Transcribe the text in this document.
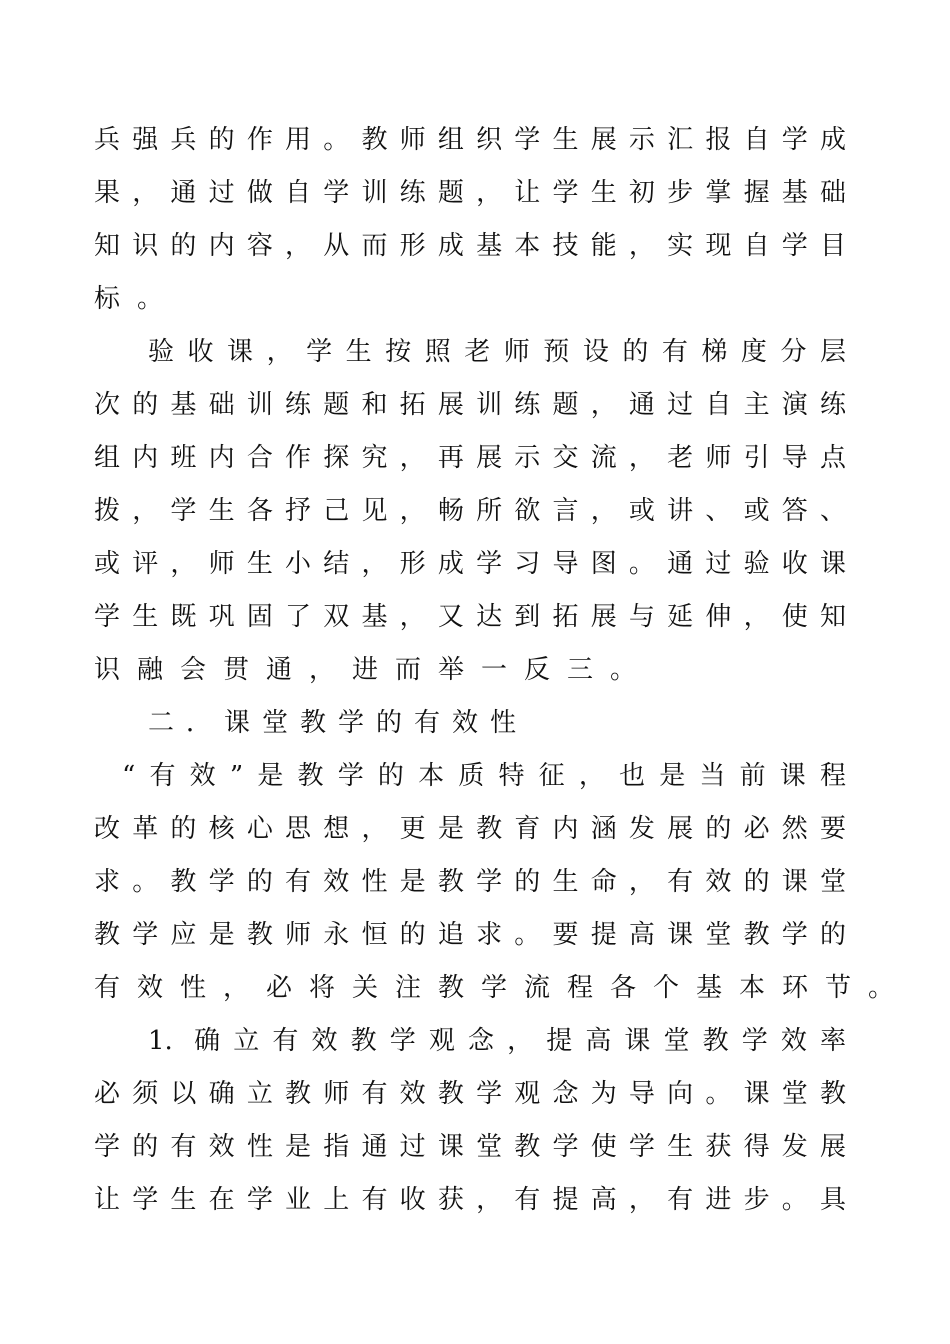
兵强兵的作用。教师组织学生展示汇报自学成
果，通过做自学训练题，让学生初步掌握基础
知识的内容，从而形成基本技能，实现自学目
标。
验收课，学生按照老师预设的有梯度分层
次的基础训练题和拓展训练题，通过自主演练
组内班内合作探究，再展示交流，老师引导点
拨，学生各抒己见，畅所欲言，或讲、或答、
或评，师生小结，形成学习导图。通过验收课
学生既巩固了双基，又达到拓展与延伸，使知
识融会贯通，进而举一反三。
二．课堂教学的有效性
“有效”是教学的本质特征，也是当前课程
改革的核心思想，更是教育内涵发展的必然要
求。教学的有效性是教学的生命，有效的课堂
教学应是教师永恒的追求。要提高课堂教学的
有效性，必将关注教学流程各个基本环节。
1. 确立有效教学观念，提高课堂教学效率
必须以确立教师有效教学观念为导向。课堂教
学的有效性是指通过课堂教学使学生获得发展
让学生在学业上有收获，有提高，有进步。具
